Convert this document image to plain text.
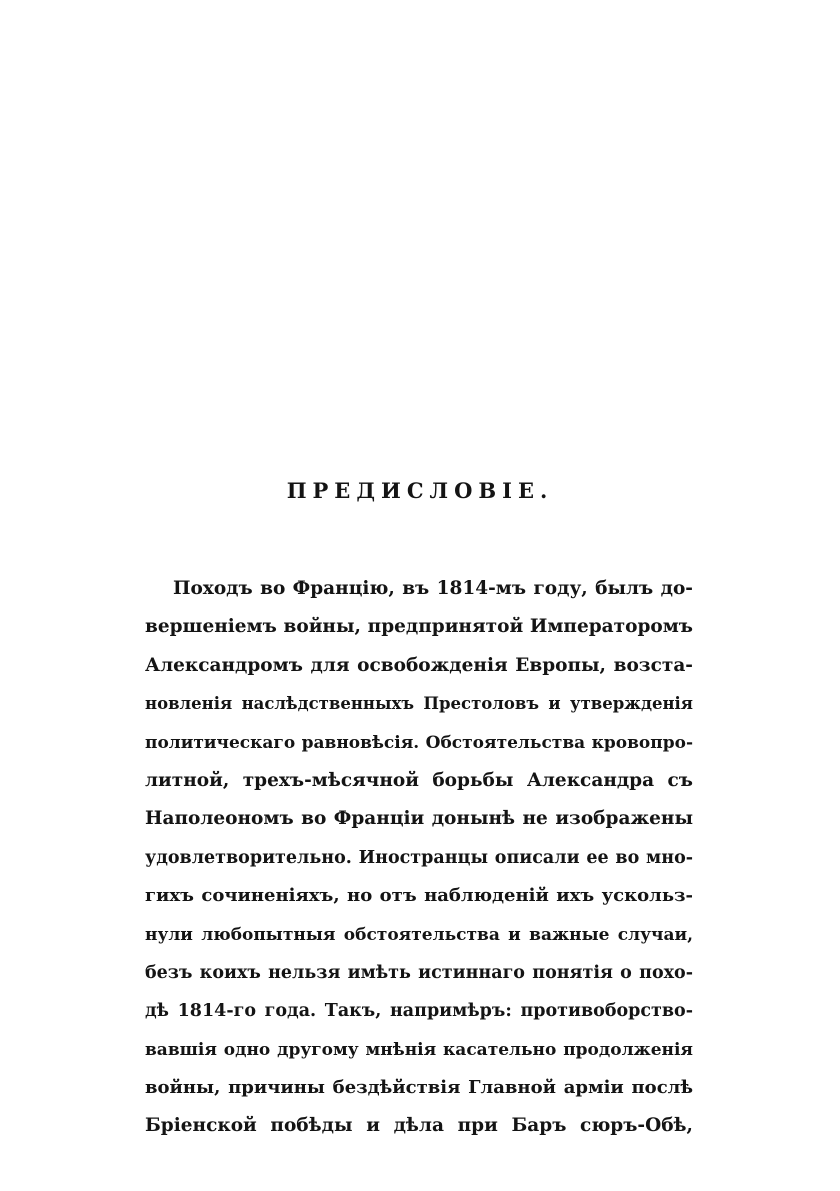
ПРЕДИСЛОВІЕ.
Походъ во Францію, въ 1814-мъ году, былъ до-
вершеніемъ войны, предпринятой Императоромъ
Александромъ для освобожденія Европы, возста-
новленія наслѣдственныхъ Престоловъ и утвержденія
политическаго равновѣсія. Обстоятельства кровопро-
литной, трехъ-мѣсячной борьбы Александра съ
Наполеономъ во Франціи донынѣ не изображены
удовлетворительно. Иностранцы описали ее во мно-
гихъ сочиненіяхъ, но отъ наблюденій ихъ ускольз-
нули любопытныя обстоятельства и важные случаи,
безъ коихъ нельзя имѣть истиннаго понятія о похо-
дѣ 1814-го года. Такъ, напримѣръ: противоборство-
вавшія одно другому мнѣнія касательно продолженія
войны, причины бездѣйствія Главной арміи послѣ
Бріенской побѣды и дѣла при Баръ сюръ-Обѣ,
